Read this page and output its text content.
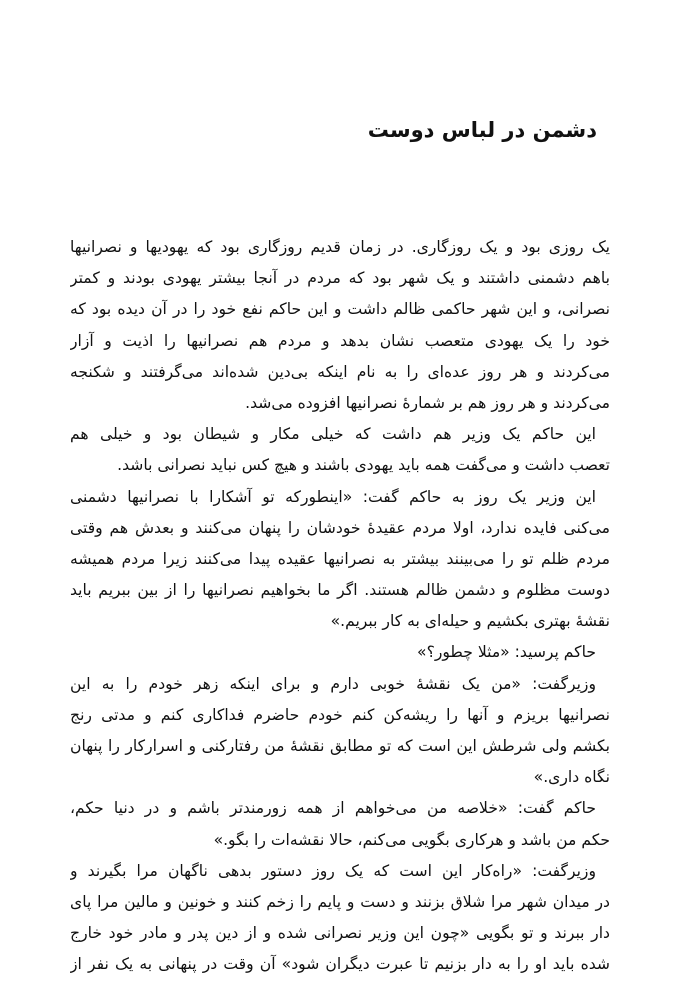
دشمن در لباس دوست
یک روزی بود و یک روزگاری. در زمان قدیم روزگاری بود که یهودیها و نصرانیها
باهم دشمنی داشتند و یک شهر بود که مردم در آنجا بیشتر یهودی بودند و کمتر
نصرانی، و این شهر حاکمی ظالم داشت و این حاکم نفع خود را در آن دیده بود که
خود را یک یهودی متعصب نشان بدهد و مردم هم نصرانیها را اذیت و آزار
می‌کردند و هر روز عده‌ای را به نام اینکه بی‌دین شده‌اند می‌گرفتند و شکنجه
می‌کردند و هر روز هم بر شمارهٔ نصرانیها افزوده می‌شد.
این حاکم یک وزیر هم داشت که خیلی مکار و شیطان بود و خیلی هم
تعصب داشت و می‌گفت همه باید یهودی باشند و هیچ کس نباید نصرانی باشد.
این وزیر یک روز به حاکم گفت: «اینطورکه تو آشکارا با نصرانیها دشمنی
می‌کنی فایده ندارد، اولا مردم عقیدهٔ خودشان را پنهان می‌کنند و بعدش هم وقتی
مردم ظلم تو را می‌بینند بیشتر به نصرانیها عقیده پیدا می‌کنند زیرا مردم همیشه
دوست مظلوم و دشمن ظالم هستند. اگر ما بخواهیم نصرانیها را از بین ببریم باید
نقشهٔ بهتری بکشیم و حیله‌ای به کار ببریم.»
حاکم پرسید: «مثلا چطور؟»
وزیرگفت: «من یک نقشهٔ خوبی دارم و برای اینکه زهر خودم را به این
نصرانیها بریزم و آنها را ریشه‌کن کنم خودم حاضرم فداکاری کنم و مدتی رنج
بکشم ولی شرطش این است که تو مطابق نقشهٔ من رفتارکنی و اسرارکار را پنهان
نگاه داری.»
حاکم گفت: «خلاصه من می‌خواهم از همه زورمندتر باشم و در دنیا حکم،
حکم من باشد و هرکاری بگویی می‌کنم، حالا نقشه‌ات را بگو.»
وزیرگفت: «راه‌کار این است که یک روز دستور بدهی ناگهان مرا بگیرند و
در میدان شهر مرا شلاق بزنند و دست و پایم را زخم کنند و خونین و مالین مرا پای
دار ببرند و تو بگویی «چون این وزیر نصرانی شده و از دین پدر و مادر خود خارج
شده باید او را به دار بزنیم تا عبرت دیگران شود» آن وقت در پنهانی به یک نفر از
